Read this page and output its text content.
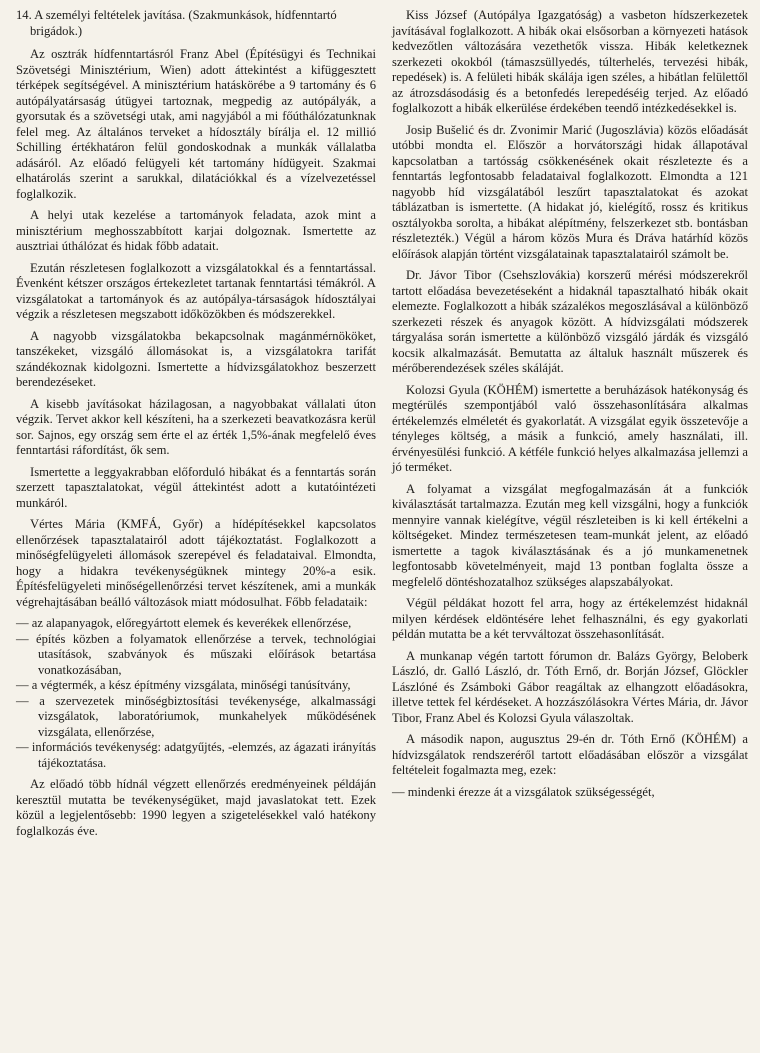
14. A személyi feltételek javítása. (Szakmunkások, hídfenntartó brigádok.)

Az osztrák hídfenntartásról Franz Abel (Építésügyi és Technikai Szövetségi Minisztérium, Wien) adott áttekintést a kifüggesztett térképek segítségével. A minisztérium hatáskörébe a 9 tartomány és 6 autópályatársaság útügyei tartoznak, megpedig az autópályák, a gyorsutak és a szövetségi utak, ami nagyjából a mi főúthálózatunknak felel meg. Az általános terveket a hídosztály bírálja el. 12 millió Schilling értékhatáron felül gondoskodnak a munkák vállalatba adásáról. Az előadó felügyeli két tartomány hídügyeit. Szakmai elhatárolás szerint a sarukkal, dilatációkkal és a vízelvezetéssel foglalkozik.

A helyi utak kezelése a tartományok feladata, azok mint a minisztérium meghosszabbított karjai dolgoznak. Ismertette az ausztriai úthálózat és hidak főbb adatait.

Ezután részletesen foglalkozott a vizsgálatokkal és a fenntartással. Évenként kétszer országos értekezletet tartanak fenntartási témákról. A vizsgálatokat a tartományok és az autópálya-társaságok hídosztályai végzik a részletesen megszabott időközökben és módszerekkel.

A nagyobb vizsgálatokba bekapcsolnak magánmérnököket, tanszékeket, vizsgáló állomásokat is, a vizsgálatokra tarifát szándékoznak kidolgozni. Ismertette a hídvizsgálatokhoz beszerzett berendezéseket.

A kisebb javításokat házilagosan, a nagyobbakat vállalati úton végzik. Tervet akkor kell készíteni, ha a szerkezeti beavatkozásra kerül sor. Sajnos, egy ország sem érte el az érték 1,5%-ának megfelelő éves fenntartási ráfordítást, ők sem.

Ismertette a leggyakrabban előforduló hibákat és a fenntartás során szerzett tapasztalatokat, végül áttekintést adott a kutatóintézeti munkáról.

Vértes Mária (KMFÁ, Győr) a hídépítésekkel kapcsolatos ellenőrzések tapasztalatairól adott tájékoztatást. Foglalkozott a minőségfelügyeleti állomások szerepével és feladataival. Elmondta, hogy a hidakra tevékenységüknek mintegy 20%-a esik. Építésfelügyeleti minőségellenőrzési tervet készítenek, ami a munkák végrehajtásában beálló változások miatt módosulhat. Főbb feladataik:

— az alapanyagok, előregyártott elemek és keverékek ellenőrzése,
— építés közben a folyamatok ellenőrzése a tervek, technológiai utasítások, szabványok és műszaki előírások betartása vonatkozásában,
— a végtermék, a kész építmény vizsgálata, minőségi tanúsítvány,
— a szervezetek minőségbiztosítási tevékenysége, alkalmassági vizsgálatok, laboratóriumok, munkahelyek működésének vizsgálata, ellenőrzése,
— információs tevékenység: adatgyűjtés, -elemzés, az ágazati irányítás tájékoztatása.

Az előadó több hídnál végzett ellenőrzés eredményeinek példáján keresztül mutatta be tevékenységüket, majd javaslatokat tett. Ezek közül a legjelentősebb: 1990 legyen a szigetelésekkel való hatékony foglalkozás éve.

Kiss József (Autópálya Igazgatóság) a vasbeton hídszerkezetek javításával foglalkozott. A hibák okai elsősorban a környezeti hatások kedvezőtlen változására vezethetők vissza. Hibák keletkeznek szerkezeti okokból (támaszsüllyedés, túlterhelés, tervezési hibák, repedések) is. A felületi hibák skálája igen széles, a hibátlan felülettől az átrozsdásodásig és a betonfedés lerepedéséig terjed. Az előadó foglalkozott a hibák elkerülése érdekében teendő intézkedésekkel is.

Josip Bušelić és dr. Zvonimir Marić (Jugoszlávia) közös előadását utóbbi mondta el. Először a horvátországi hidak állapotával kapcsolatban a tartósság csökkenésének okait részletezte és a fenntartás legfontosabb feladataival foglalkozott. Elmondta a 121 nagyobb híd vizsgálatából leszűrt tapasztalatokat és azokat táblázatban is ismertette. (A hidakat jó, kielégítő, rossz és kritikus osztályokba sorolta, a hibákat alépítmény, felszerkezet stb. bontásban részletezték.) Végül a három közös Mura és Dráva határhíd közös előírások alapján történt vizsgálatainak tapasztalatairól számolt be.

Dr. Jávor Tibor (Csehszlovákia) korszerű mérési módszerekről tartott előadása bevezetéseként a hidaknál tapasztalható hibák okait elemezte. Foglalkozott a hibák százalékos megoszlásával a különböző szerkezeti részek és anyagok között. A hídvizsgálati módszerek tárgyalása során ismertette a különböző vizsgáló járdák és vizsgáló kocsik alkalmazását. Bemutatta az általuk használt műszerek és mérőberendezések széles skáláját.

Kolozsi Gyula (KÖHÉM) ismertette a beruházások hatékonyság és megtérülés szempontjából való összehasonlítására alkalmas értékelemzés elméletét és gyakorlatát. A vizsgálat egyik összetevője a tényleges költség, a másik a funkció, amely használati, ill. érvényesülési funkció. A kétféle funkció helyes alkalmazása jellemzi a jó terméket.

A folyamat a vizsgálat megfogalmazásán át a funkciók kiválasztását tartalmazza. Ezután meg kell vizsgálni, hogy a funkciók mennyire vannak kielégítve, végül részleteiben is ki kell értékelni a költségeket. Mindez természetesen team-munkát jelent, az előadó ismertette a tagok kiválasztásának és a jó munkamenetnek legfontosabb követelményeit, majd 13 pontban foglalta össze a megfelelő döntéshozatalhoz szükséges alapszabályokat.

Végül példákat hozott fel arra, hogy az értékelemzést hidaknál milyen kérdések eldöntésére lehet felhasználni, és egy gyakorlati példán mutatta be a két tervváltozat összehasonlítását.

A munkanap végén tartott fórumon dr. Balázs György, Beloberk László, dr. Galló László, dr. Tóth Ernő, dr. Borján József, Glöckler Lászlóné és Zsámboki Gábor reagáltak az elhangzott előadásokra, illetve tettek fel kérdéseket. A hozzászólásokra Vértes Mária, dr. Jávor Tibor, Franz Abel és Kolozsi Gyula válaszoltak.

A második napon, augusztus 29-én dr. Tóth Ernő (KÖHÉM) a hídvizsgálatok rendszeréről tartott előadásában először a vizsgálat feltételeit fogalmazta meg, ezek:

— mindenki érezze át a vizsgálatok szükségességét,
